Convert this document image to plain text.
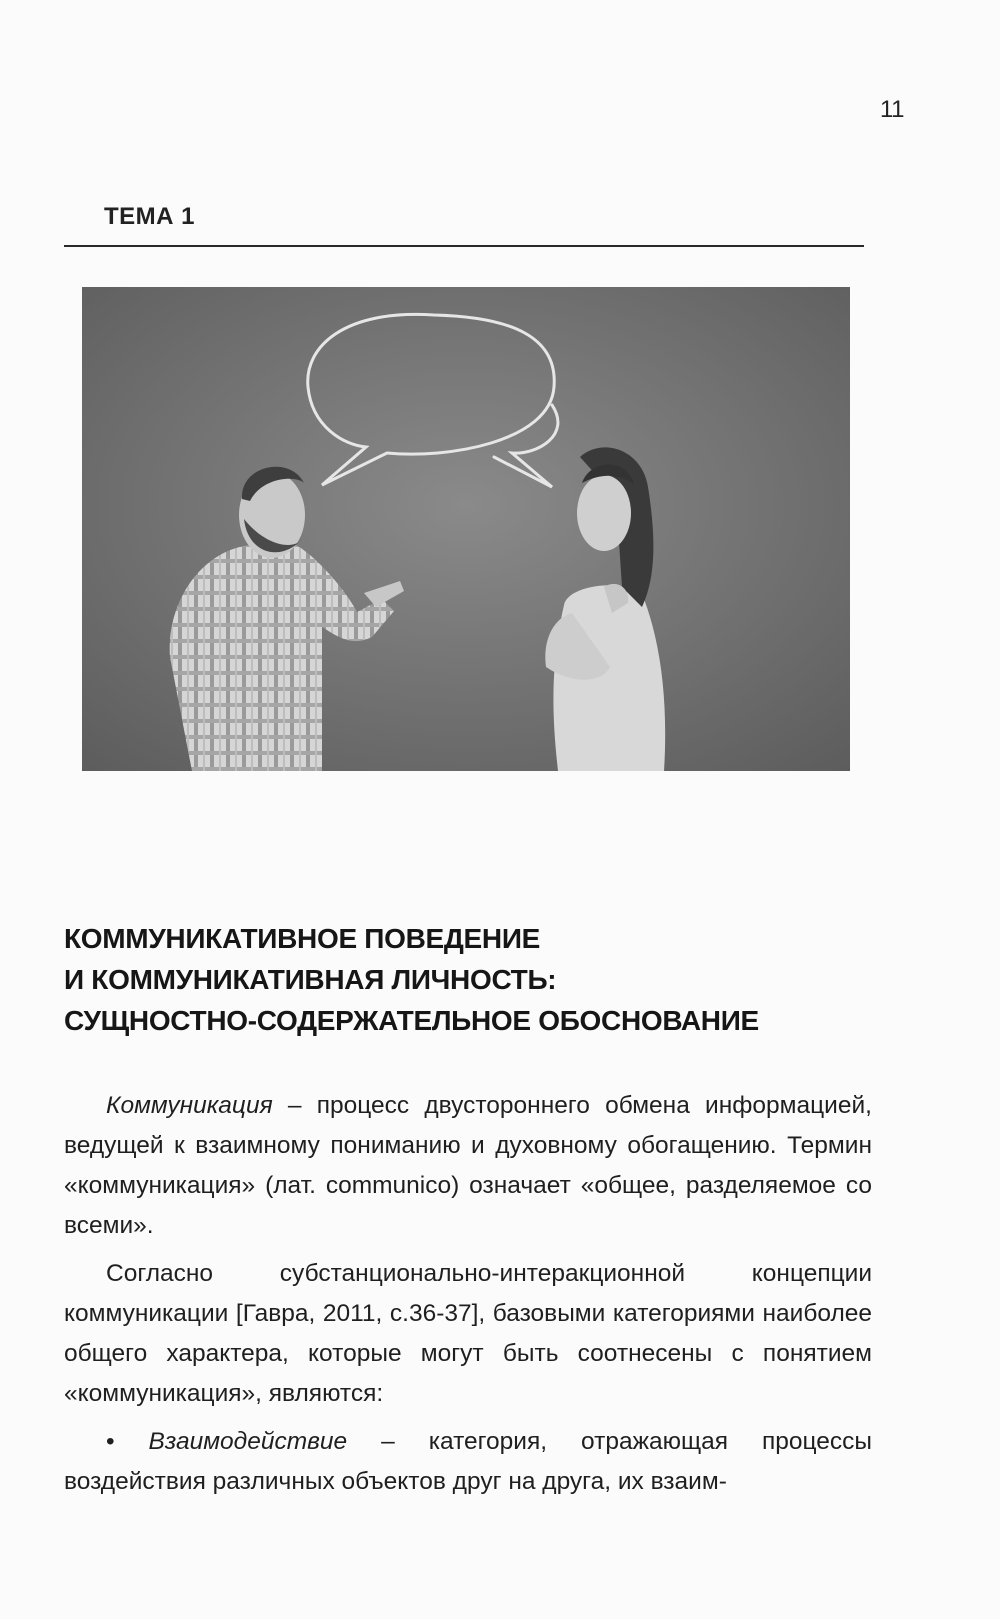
11
ТЕМА 1
КОММУНИКАТИВНОЕ ПОВЕДЕНИЕ
И КОММУНИКАТИВНАЯ ЛИЧНОСТЬ:
СУЩНОСТНО-СОДЕРЖАТЕЛЬНОЕ ОБОСНОВАНИЕ

Коммуникация – процесс двустороннего обмена информацией, ведущей к взаимному пониманию и духовному обогащению. Термин «коммуникация» (лат. communico) означает «общее, разделяемое со всеми».

Согласно субстанционально-интеракционной концепции коммуникации [Гавра, 2011, с.36-37], базовыми категориями наиболее общего характера, которые могут быть соотнесены с понятием «коммуникация», являются:

• Взаимодействие – категория, отражающая процессы воздействия различных объектов друг на друга, их взаим-
